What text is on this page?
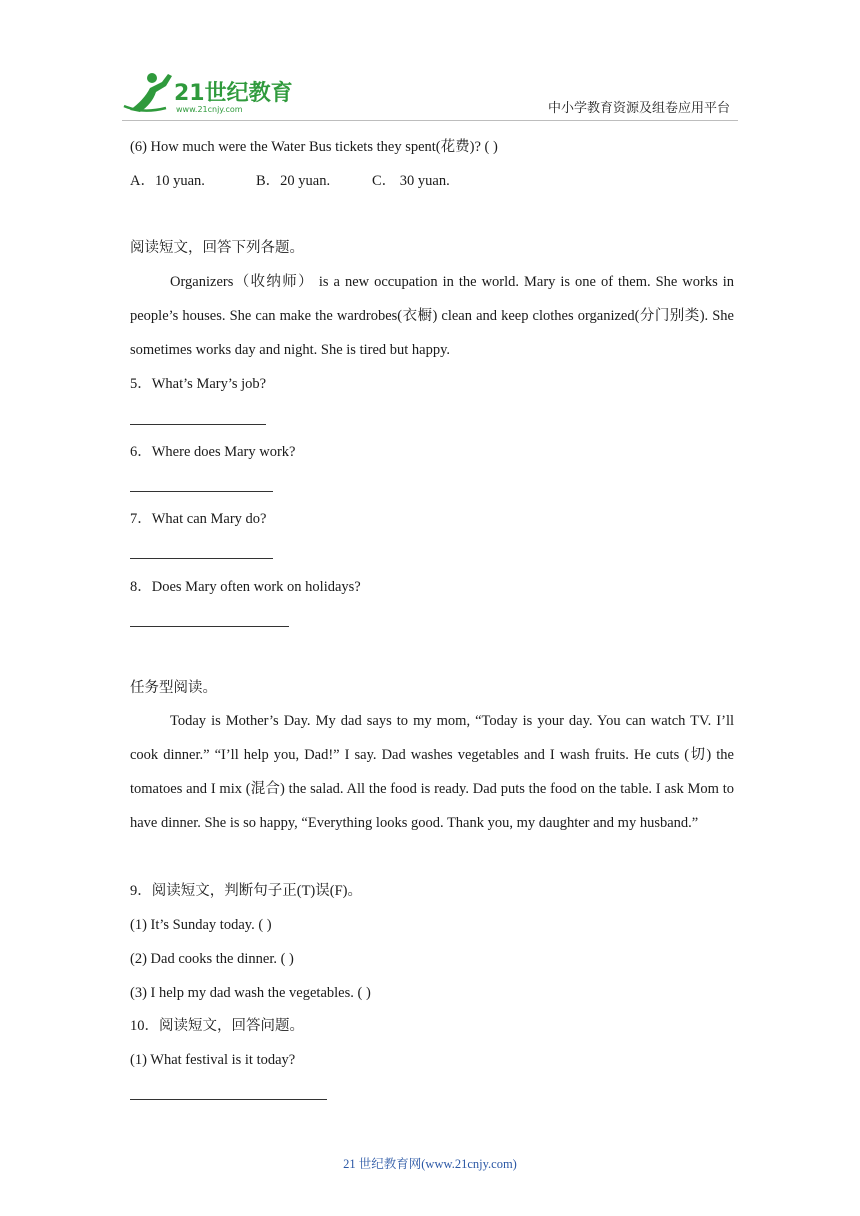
21世纪教育
www.21cnjy.com	中小学教育资源及组卷应用平台
(6) How much were the Water Bus tickets they spent(花费)? ( )
A．10 yuan.	B．20 yuan.	C． 30 yuan.
阅读短文，回答下列各题。

Organizers（收纳师） is a new occupation in the world. Mary is one of them. She works in people’s houses. She can make the wardrobes(衣橱) clean and keep clothes organized(分门别类). She sometimes works day and night. She is tired but happy.

5．What’s Mary’s job?
6．Where does Mary work?
7．What can Mary do?
8．Does Mary often work on holidays?
任务型阅读。

Today is Mother’s Day. My dad says to my mom, “Today is your day. You can watch TV. I’ll cook dinner.” “I’ll help you, Dad!” I say. Dad washes vegetables and I wash fruits. He cuts (切) the tomatoes and I mix (混合) the salad. All the food is ready. Dad puts the food on the table. I ask Mom to have dinner. She is so happy, “Everything looks good. Thank you, my daughter and my husband.”

9．阅读短文，判断句子正(T)误(F)。
(1) It’s Sunday today. ( )
(2) Dad cooks the dinner. ( )
(3) I help my dad wash the vegetables. ( )
10．阅读短文，回答问题。
(1) What festival is it today?
21 世纪教育网(www.21cnjy.com)
